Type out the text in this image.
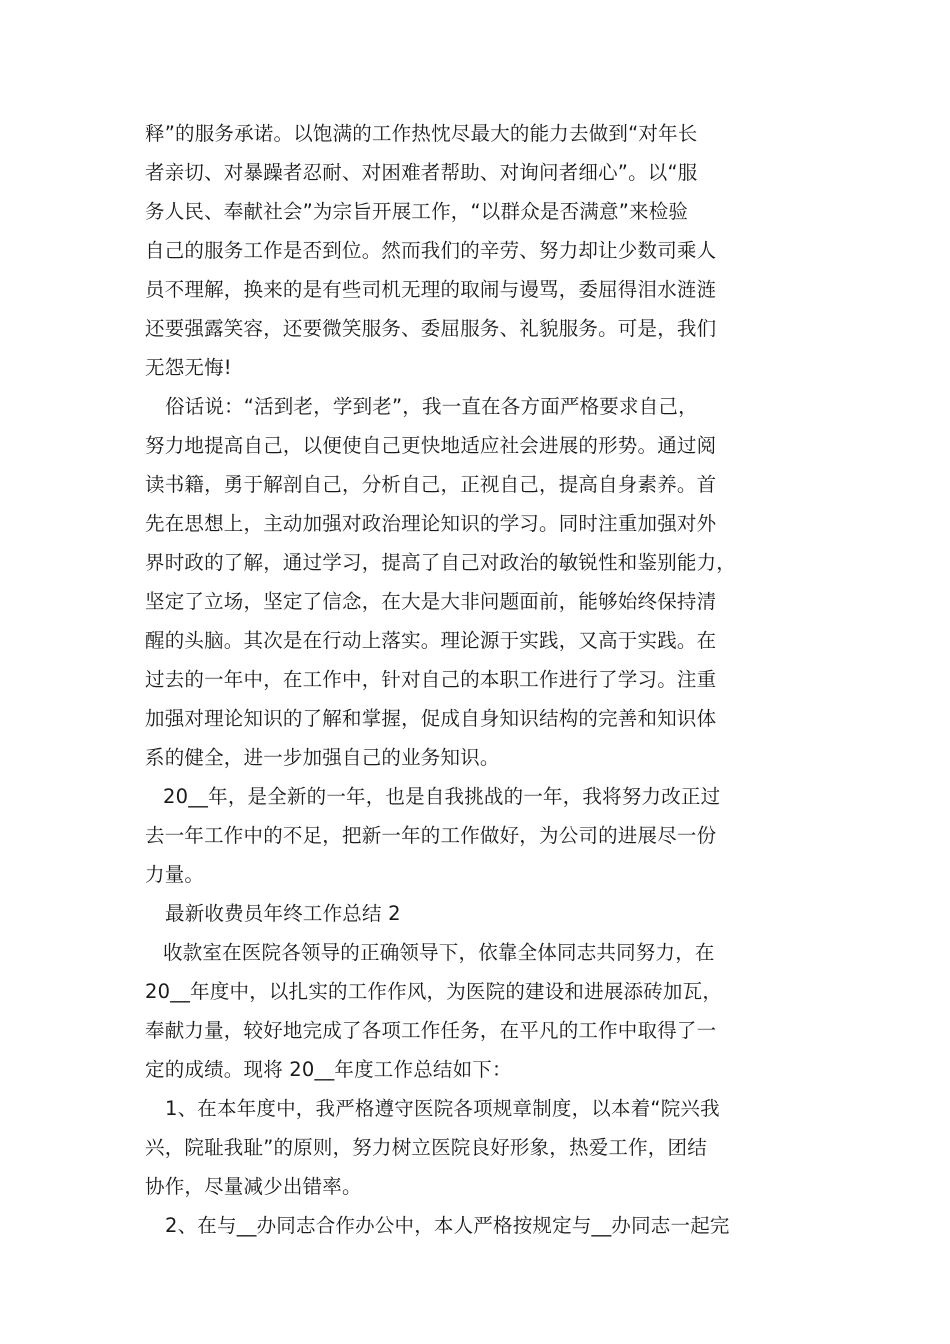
释”的服务承诺。以饱满的工作热忱尽最大的能力去做到“对年长
者亲切、对暴躁者忍耐、对困难者帮助、对询问者细心”。以“服
务人民、奉献社会”为宗旨开展工作，“以群众是否满意”来检验
自己的服务工作是否到位。然而我们的辛劳、努力却让少数司乘人
员不理解，换来的是有些司机无理的取闹与谩骂，委屈得泪水涟涟
还要强露笑容，还要微笑服务、委屈服务、礼貌服务。可是，我们
无怨无悔!

俗话说：“活到老，学到老”，我一直在各方面严格要求自己，
努力地提高自己，以便使自己更快地适应社会进展的形势。通过阅
读书籍，勇于解剖自己，分析自己，正视自己，提高自身素养。首
先在思想上，主动加强对政治理论知识的学习。同时注重加强对外
界时政的了解，通过学习，提高了自己对政治的敏锐性和鉴别能力，
坚定了立场，坚定了信念，在大是大非问题面前，能够始终保持清
醒的头脑。其次是在行动上落实。理论源于实践，又高于实践。在
过去的一年中，在工作中，针对自己的本职工作进行了学习。注重
加强对理论知识的了解和掌握，促成自身知识结构的完善和知识体
系的健全，进一步加强自己的业务知识。

20__年，是全新的一年，也是自我挑战的一年，我将努力改正过
去一年工作中的不足，把新一年的工作做好，为公司的进展尽一份
力量。

最新收费员年终工作总结 2

收款室在医院各领导的正确领导下，依靠全体同志共同努力，在
20__年度中，以扎实的工作作风，为医院的建设和进展添砖加瓦，
奉献力量，较好地完成了各项工作任务，在平凡的工作中取得了一
定的成绩。现将 20__年度工作总结如下：

1、在本年度中，我严格遵守医院各项规章制度，以本着“院兴我
兴，院耻我耻”的原则，努力树立医院良好形象，热爱工作，团结
协作，尽量减少出错率。

2、在与__办同志合作办公中，本人严格按规定与__办同志一起完
